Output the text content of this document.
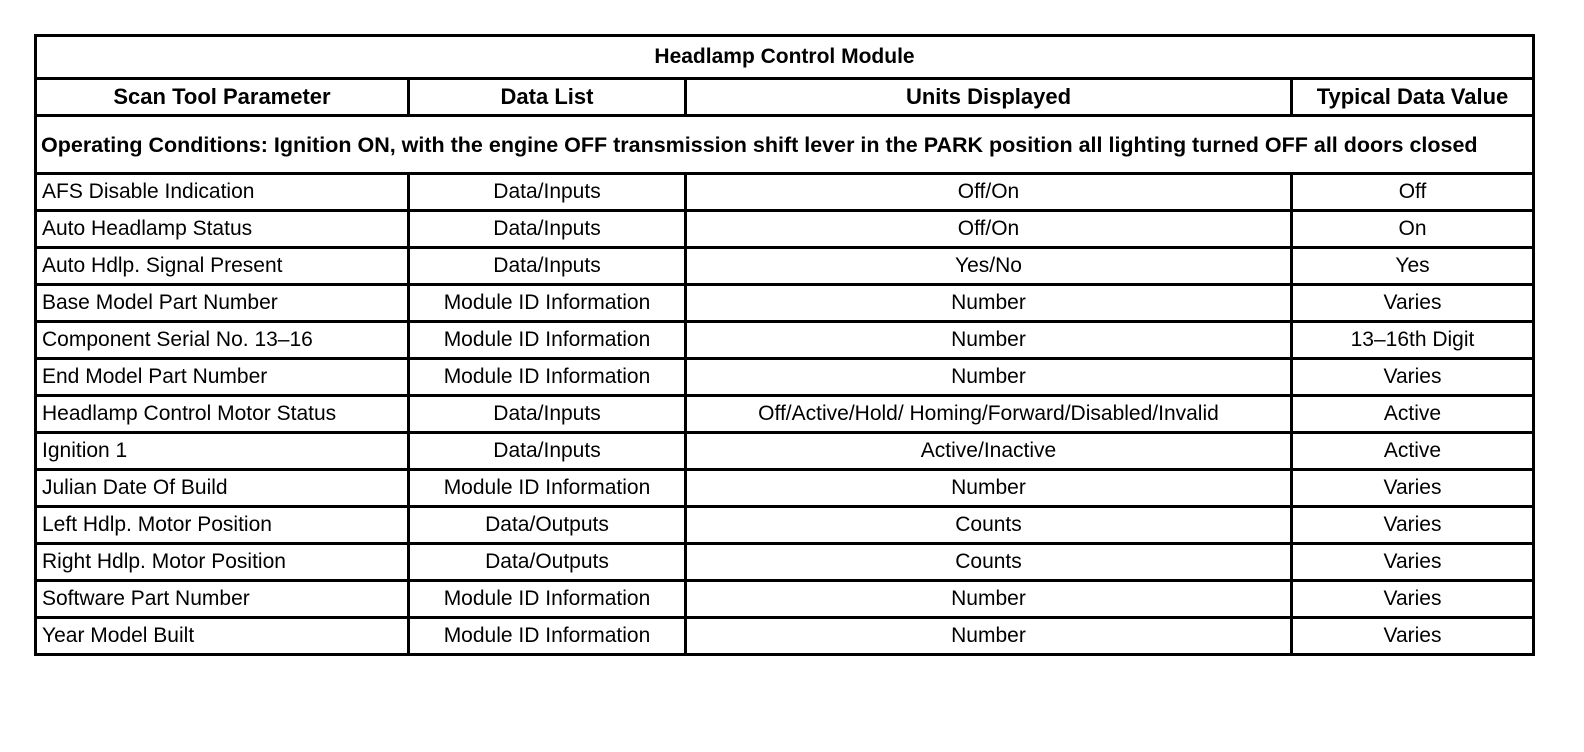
Headlamp Control Module			
Scan Tool Parameter	Data List	Units Displayed	Typical Data Value
Operating Conditions: Ignition ON, with the engine OFF transmission shift lever in the PARK position all lighting turned OFF all doors closed			
AFS Disable Indication	Data/Inputs	Off/On	Off
Auto Headlamp Status	Data/Inputs	Off/On	On
Auto Hdlp. Signal Present	Data/Inputs	Yes/No	Yes
Base Model Part Number	Module ID Information	Number	Varies
Component Serial No. 13–16	Module ID Information	Number	13–16th Digit
End Model Part Number	Module ID Information	Number	Varies
Headlamp Control Motor Status	Data/Inputs	Off/Active/Hold/ Homing/Forward/Disabled/Invalid	Active
Ignition 1	Data/Inputs	Active/Inactive	Active
Julian Date Of Build	Module ID Information	Number	Varies
Left Hdlp. Motor Position	Data/Outputs	Counts	Varies
Right Hdlp. Motor Position	Data/Outputs	Counts	Varies
Software Part Number	Module ID Information	Number	Varies
Year Model Built	Module ID Information	Number	Varies
